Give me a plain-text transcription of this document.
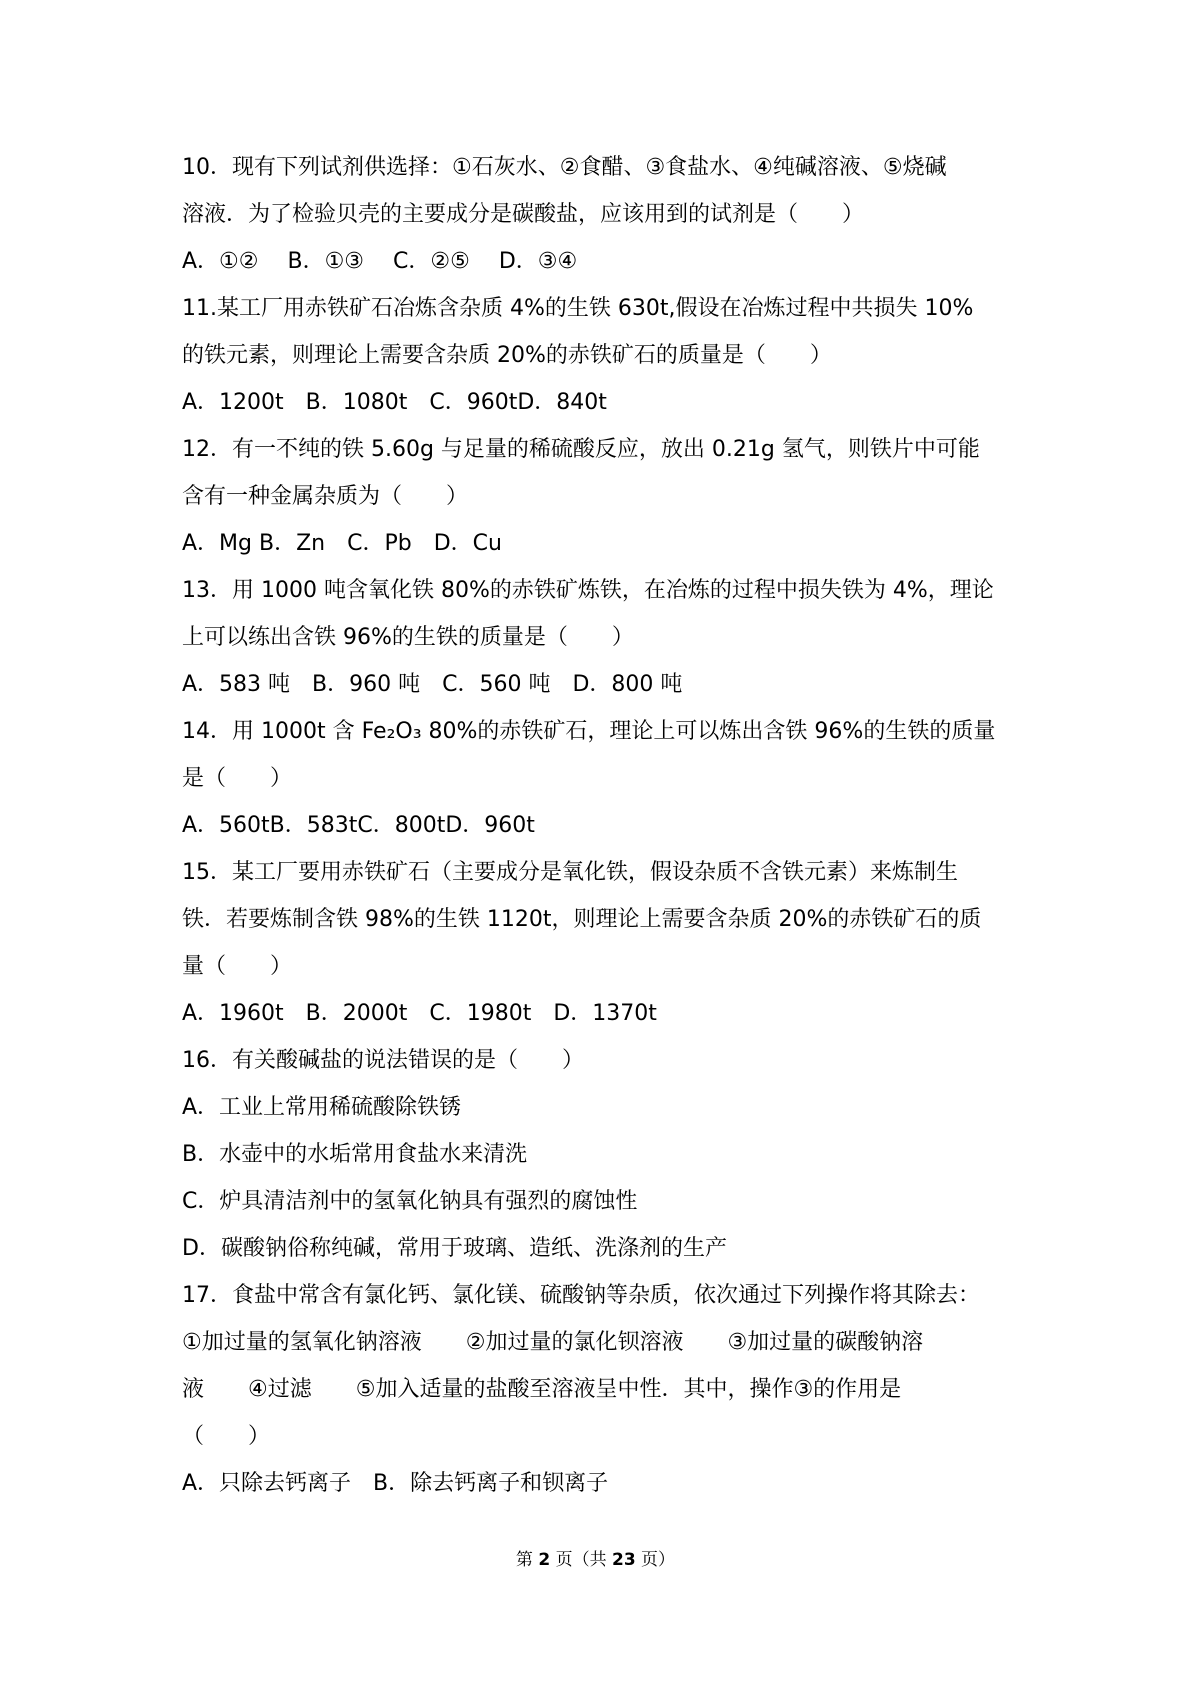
10．现有下列试剂供选择：①石灰水、②食醋、③食盐水、④纯碱溶液、⑤烧碱
溶液．为了检验贝壳的主要成分是碳酸盐，应该用到的试剂是（　　）
A．①②　 B．①③　 C．②⑤　 D．③④
11.某工厂用赤铁矿石冶炼含杂质 4%的生铁 630t,假设在冶炼过程中共损失 10%
的铁元素，则理论上需要含杂质 20%的赤铁矿石的质量是（　　）
A．1200t　B．1080t　C．960tD．840t
12．有一不纯的铁 5.60g 与足量的稀硫酸反应，放出 0.21g 氢气，则铁片中可能
含有一种金属杂质为（　　）
A．Mg B．Zn　C．Pb　D．Cu
13．用 1000 吨含氧化铁 80%的赤铁矿炼铁，在冶炼的过程中损失铁为 4%，理论
上可以练出含铁 96%的生铁的质量是（　　）
A．583 吨　B．960 吨　C．560 吨　D．800 吨
14．用 1000t 含 Fe₂O₃ 80%的赤铁矿石，理论上可以炼出含铁 96%的生铁的质量
是（　　）
A．560tB．583tC．800tD．960t
15．某工厂要用赤铁矿石（主要成分是氧化铁，假设杂质不含铁元素）来炼制生
铁．若要炼制含铁 98%的生铁 1120t，则理论上需要含杂质 20%的赤铁矿石的质
量（　　）
A．1960t　B．2000t　C．1980t　D．1370t
16．有关酸碱盐的说法错误的是（　　）
A．工业上常用稀硫酸除铁锈
B．水壶中的水垢常用食盐水来清洗
C．炉具清洁剂中的氢氧化钠具有强烈的腐蚀性
D．碳酸钠俗称纯碱，常用于玻璃、造纸、洗涤剂的生产
17．食盐中常含有氯化钙、氯化镁、硫酸钠等杂质，依次通过下列操作将其除去：
①加过量的氢氧化钠溶液　　②加过量的氯化钡溶液　　③加过量的碳酸钠溶
液　　④过滤　　⑤加入适量的盐酸至溶液呈中性．其中，操作③的作用是
（　　）
A．只除去钙离子　B．除去钙离子和钡离子
第 2 页（共 23 页）
